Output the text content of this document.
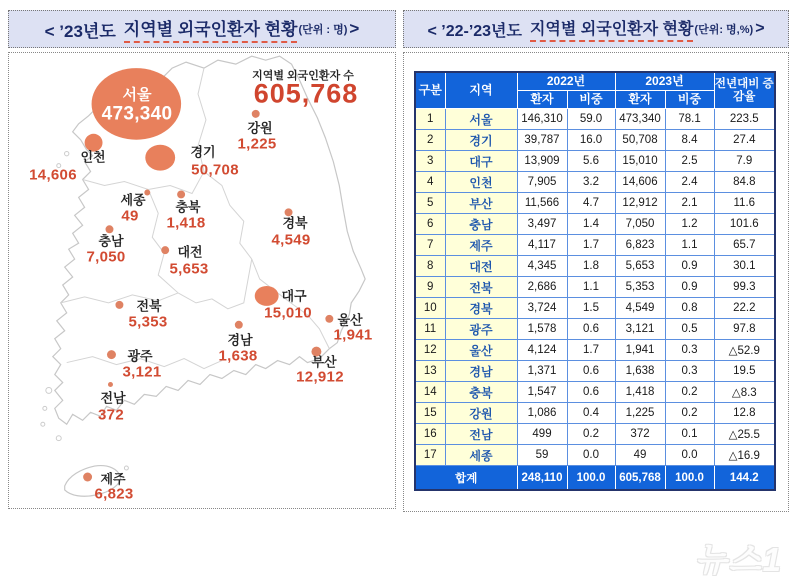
< ’23년도 지역별 외국인환자 현황 (단위 : 명) >
지역별 외국인환자 수
605,768
서울
473,340
인천
14,606
경기
50,708
강원
1,225
세종
49
충북
1,418	경북
4,549
충남
7,050	대전
5,653
전북
5,353
대구
15,010 울산
1,941
경남
1,638
광주
3,121
부산
12,912
전남
372
제주
6,823
< ’22-’23년도 지역별 외국인환자 현황 (단위: 명,%) >
구분	지역	2022년		2023년		전년대비 증감율
		환자	비중	환자	비중	
1	서울	146,310	59.0	473,340	78.1	223.5
2	경기	39,787	16.0	50,708	8.4	27.4
3	대구	13,909	5.6	15,010	2.5	7.9
4	인천	7,905	3.2	14,606	2.4	84.8
5	부산	11,566	4.7	12,912	2.1	11.6
6	충남	3,497	1.4	7,050	1.2	101.6
7	제주	4,117	1.7	6,823	1.1	65.7
8	대전	4,345	1.8	5,653	0.9	30.1
9	전북	2,686	1.1	5,353	0.9	99.3
10	경북	3,724	1.5	4,549	0.8	22.2
11	광주	1,578	0.6	3,121	0.5	97.8
12	울산	4,124	1.7	1,941	0.3	△52.9
13	경남	1,371	0.6	1,638	0.3	19.5
14	충북	1,547	0.6	1,418	0.2	△8.3
15	강원	1,086	0.4	1,225	0.2	12.8
16	전남	499	0.2	372	0.1	△25.5
17	세종	59	0.0	49	0.0	△16.9
합계		248,110	100.0	605,768	100.0	144.2
뉴스1
